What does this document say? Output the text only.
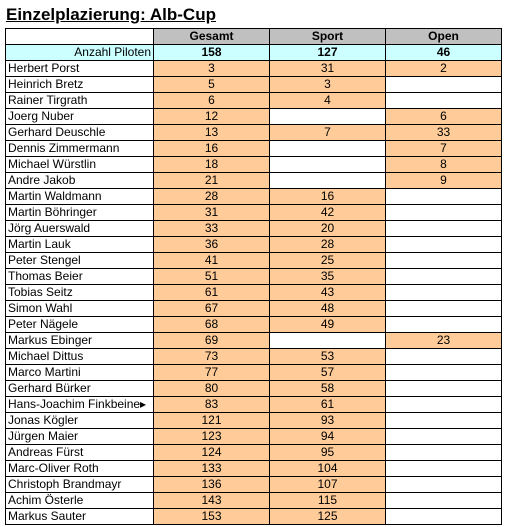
Einzelplazierung: Alb-Cup
	Gesamt	Sport	Open
Anzahl Piloten	158	127	46
Herbert Porst	3	31	2
Heinrich Bretz	5	3	
Rainer Tirgrath	6	4	
Joerg Nuber	12		6
Gerhard Deuschle	13	7	33
Dennis Zimmermann	16		7
Michael Würstlin	18		8
Andre Jakob	21		9
Martin Waldmann	28	16	
Martin Böhringer	31	42	
Jörg Auerswald	33	20	
Martin Lauk	36	28	
Peter Stengel	41	25	
Thomas Beier	51	35	
Tobias Seitz	61	43	
Simon Wahl	67	48	
Peter Nägele	68	49	
Markus Ebinger	69		23
Michael Dittus	73	53	
Marco Martini	77	57	
Gerhard Bürker	80	58	
Hans-Joachim Finkbeine▸	83	61	
Jonas Kögler	121	93	
Jürgen Maier	123	94	
Andreas Fürst	124	95	
Marc-Oliver Roth	133	104	
Christoph Brandmayr	136	107	
Achim Österle	143	115	
Markus Sauter	153	125	
